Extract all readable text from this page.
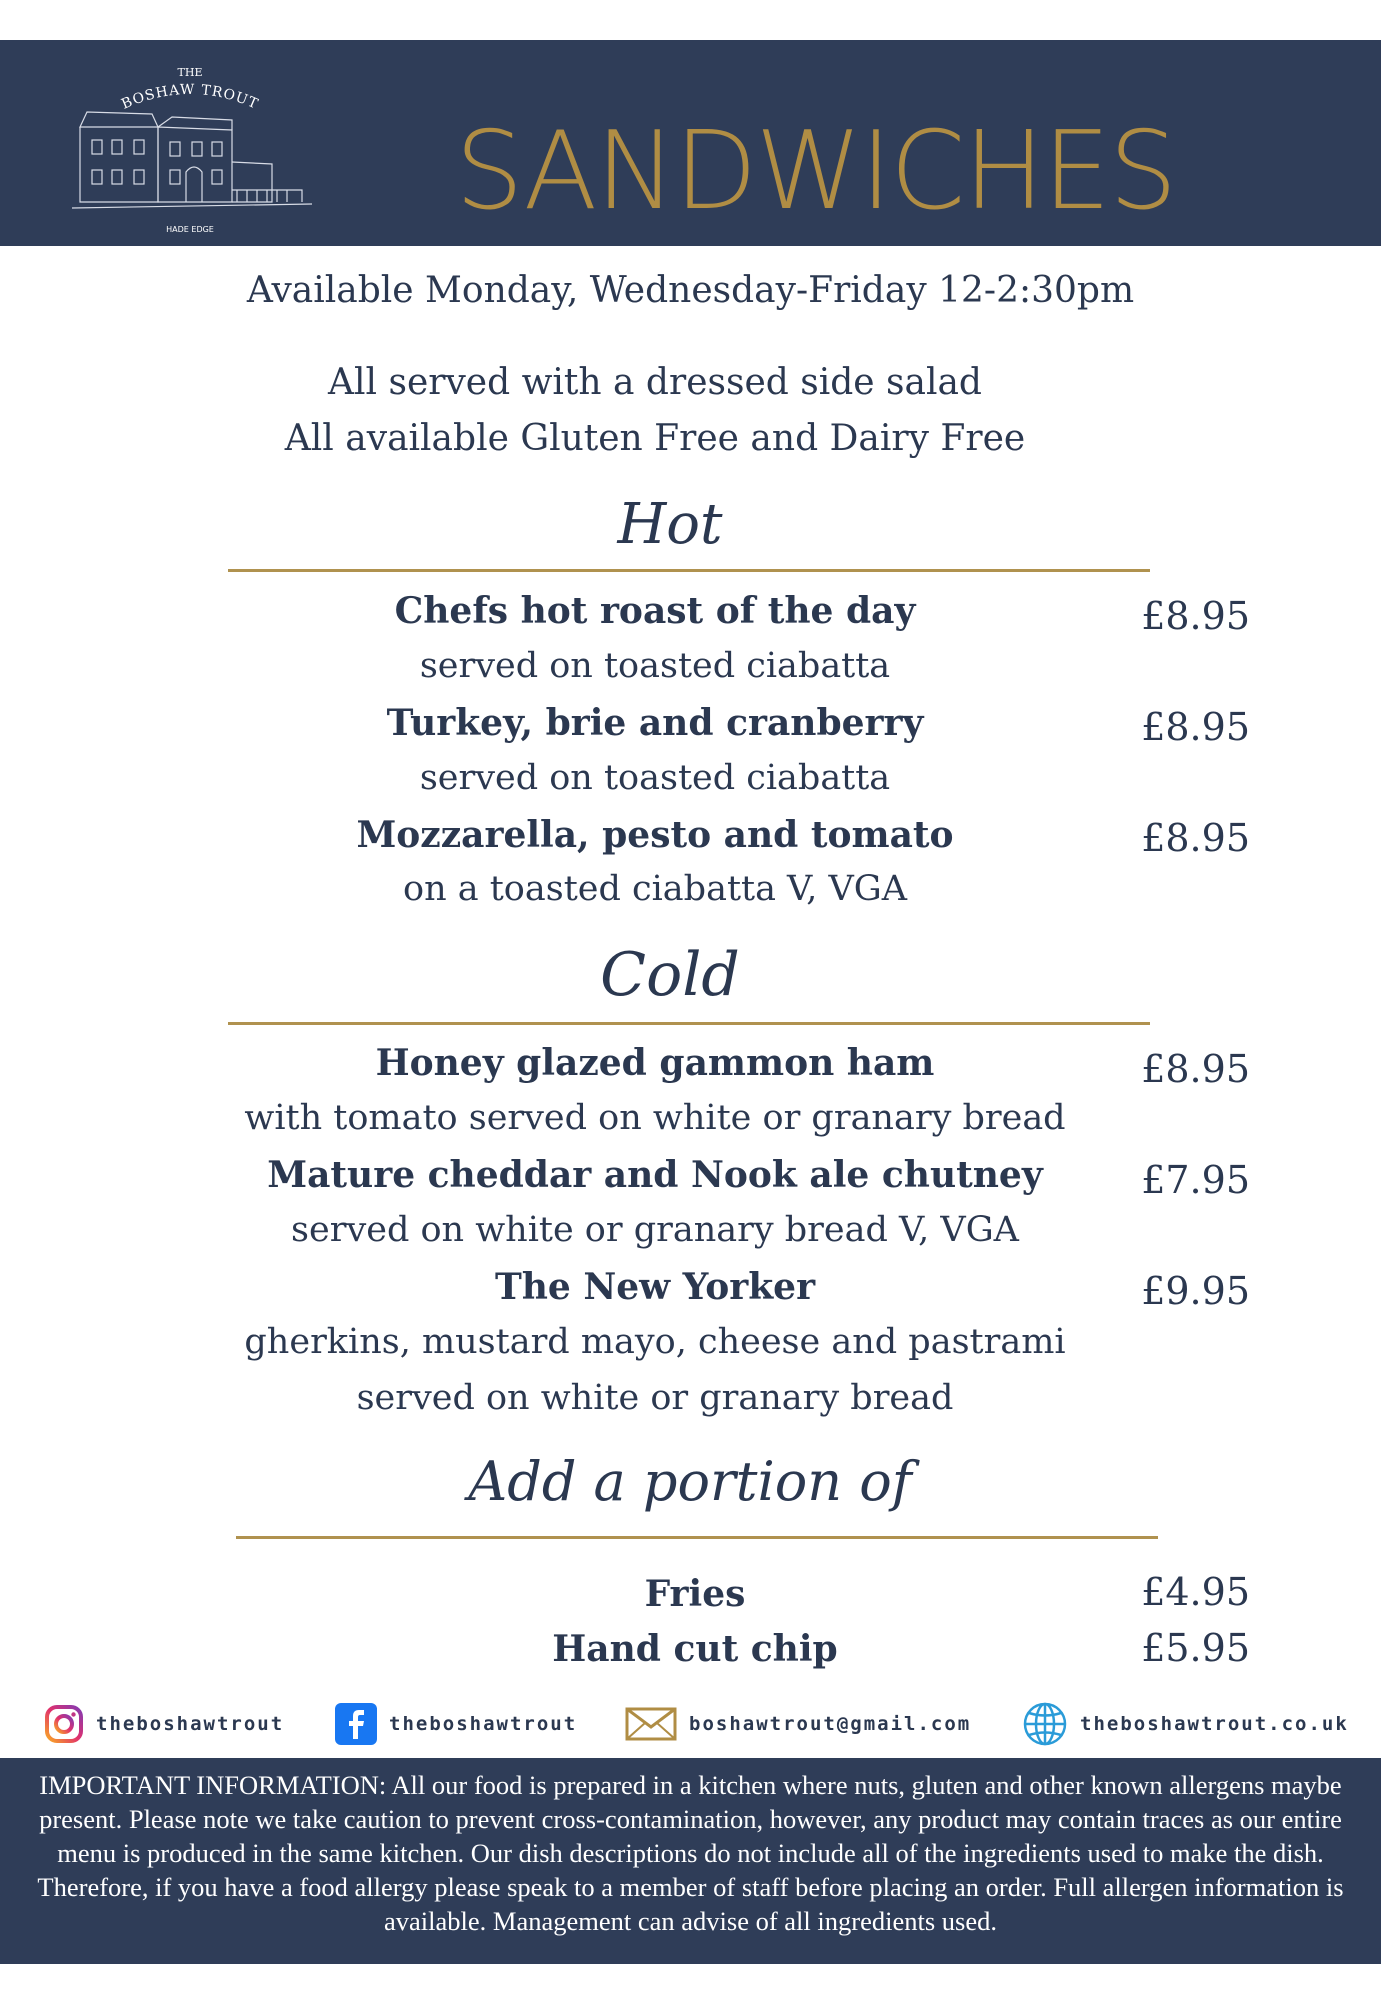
THE
BOSHAW TROUT
HADE EDGE SANDWICHES
Available Monday, Wednesday-Friday 12-2:30pm
All served with a dressed side salad
All available Gluten Free and Dairy Free
Hot
Chefs hot roast of the day	£8.95
served on toasted ciabatta
Turkey, brie and cranberry	£8.95
served on toasted ciabatta
Mozzarella, pesto and tomato	£8.95
on a toasted ciabatta V, VGA
Cold
Honey glazed gammon ham	£8.95
with tomato served on white or granary bread
Mature cheddar and Nook ale chutney	£7.95
served on white or granary bread V, VGA
The New Yorker	£9.95
gherkins, mustard mayo, cheese and pastrami
served on white or granary bread
Add a portion of
Fries	£4.95
Hand cut chip	£5.95
theboshawtrout	theboshawtrout	boshawtrout@gmail.com	theboshawtrout.co.uk

IMPORTANT INFORMATION: All our food is prepared in a kitchen where nuts, gluten and other known allergens maybe present. Please note we take caution to prevent cross-contamination, however, any product may contain traces as our entire menu is produced in the same kitchen. Our dish descriptions do not include all of the ingredients used to make the dish. Therefore, if you have a food allergy please speak to a member of staff before placing an order. Full allergen information is available. Management can advise of all ingredients used.
